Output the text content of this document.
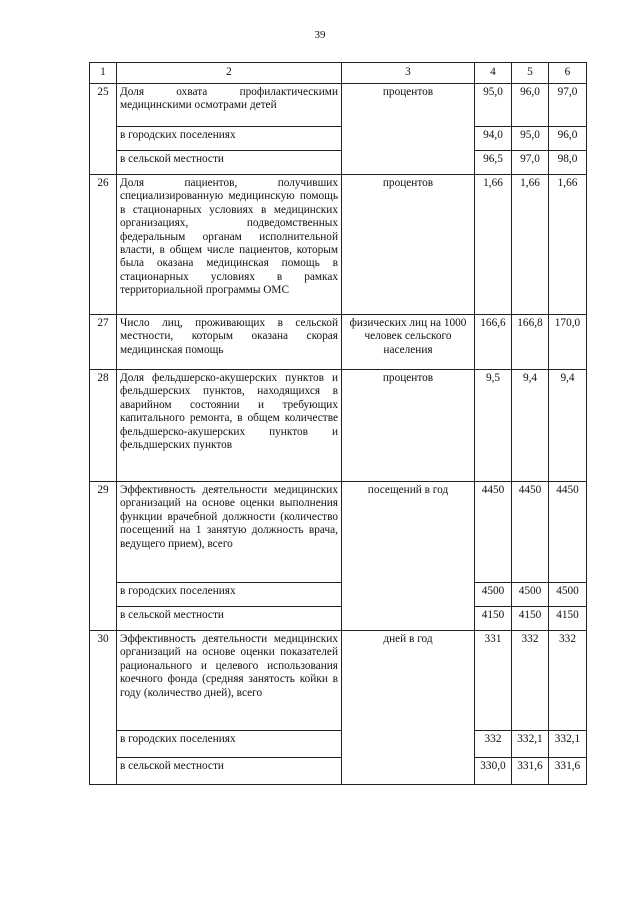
39
1	2	3	4	5	6
25	Доля охвата профилактическими медицинскими осмотрами детей	процентов	95,0	96,0	97,0
	в городских поселениях		94,0	95,0	96,0
	в сельской местности		96,5	97,0	98,0
26	Доля пациентов, получивших специализированную медицинскую помощь в стационарных условиях в медицинских организациях, подведомственных федеральным органам исполнительной власти, в общем числе пациентов, которым была оказана медицинская помощь в стационарных условиях в рамках территориальной программы ОМС	процентов	1,66	1,66	1,66
27	Число лиц, проживающих в сельской местности, которым оказана скорая медицинская помощь	физических лиц на 1000 человек сельского населения	166,6	166,8	170,0
28	Доля фельдшерско-акушерских пунктов и фельдшерских пунктов, находящихся в аварийном состоянии и требующих капитального ремонта, в общем количестве фельдшерско-акушерских пунктов и фельдшерских пунктов	процентов	9,5	9,4	9,4
29	Эффективность деятельности медицинских организаций на основе оценки выполнения функции врачебной должности (количество посещений на 1 занятую должность врача, ведущего прием), всего	посещений в год	4450	4450	4450
	в городских поселениях		4500	4500	4500
	в сельской местности		4150	4150	4150
30	Эффективность деятельности медицинских организаций на основе оценки показателей рационального и целевого использования коечного фонда (средняя занятость койки в году (количество дней), всего	дней в год	331	332	332
	в городских поселениях		332	332,1	332,1
	в сельской местности		330,0	331,6	331,6
